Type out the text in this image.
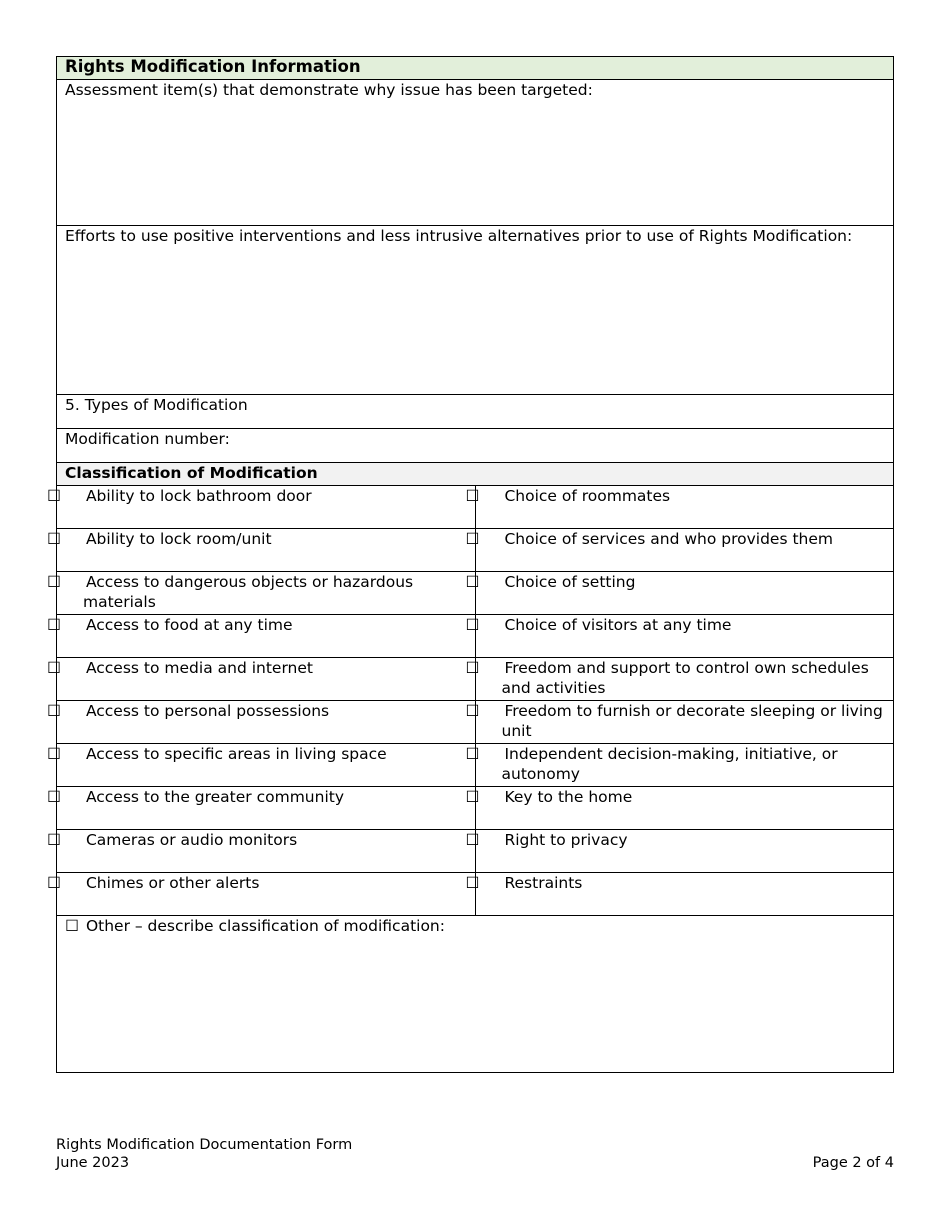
Rights Modification Information	
Assessment item(s) that demonstrate why issue has been targeted:	
Efforts to use positive interventions and less intrusive alternatives prior to use of Rights Modification:	
5. Types of Modification	
Modification number:	
Classification of Modification	

☐ Ability to lock bathroom door	☐ Choice of roommates

☐ Ability to lock room/unit	☐ Choice of services and who provides them

☐ Access to dangerous objects or hazardous materials	☐ Choice of setting

☐ Access to food at any time	☐ Choice of visitors at any time

☐ Access to media and internet	☐ Freedom and support to control own schedules and activities

☐ Access to personal possessions	☐ Freedom to furnish or decorate sleeping or living unit

☐ Access to specific areas in living space	☐ Independent decision-making, initiative, or autonomy

☐ Access to the greater community	☐ Key to the home

☐ Cameras or audio monitors	☐ Right to privacy

☐ Chimes or other alerts	☐ Restraints

☐ Other – describe classification of modification:	
Rights Modification Documentation Form
June 2023	Page 2 of 4
